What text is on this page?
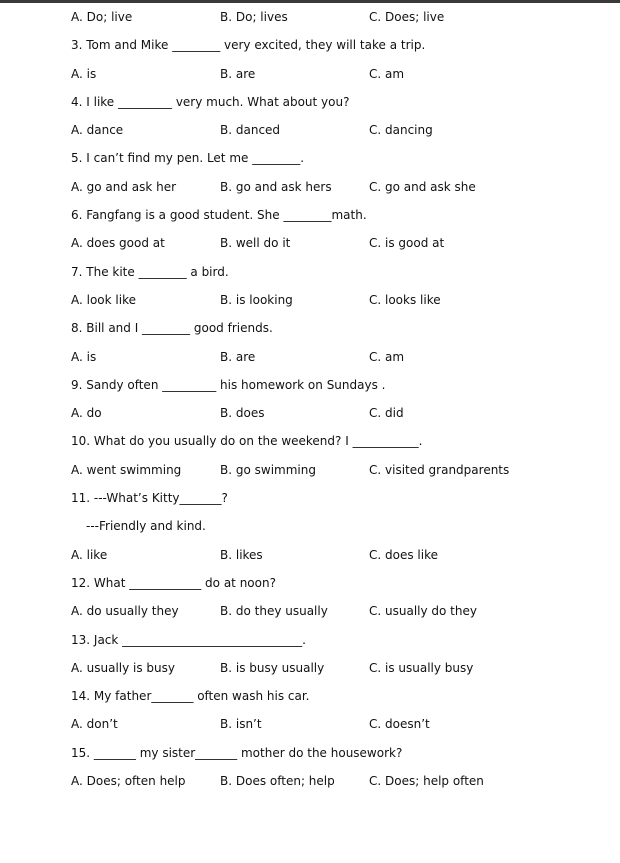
A. Do; live	B. Do; lives	C. Does; live
3. Tom and Mike ________ very excited, they will take a trip.
A. is	B. are	C. am
4. I like _________ very much. What about you?
A. dance	B. danced	C. dancing
5. I can’t find my pen. Let me ________.
A. go and ask her	B. go and ask hers	C. go and ask she
6. Fangfang is a good student. She ________math.
A. does good at	B. well do it	C. is good at
7. The kite ________ a bird.
A. look like	B. is looking	C. looks like
8. Bill and I ________ good friends.
A. is	B. are	C. am
9. Sandy often _________ his homework on Sundays .
A. do	B. does	C. did
10. What do you usually do on the weekend? I ___________.
A. went swimming	B. go swimming	C. visited grandparents
11. ---What’s Kitty_______?
---Friendly and kind.
A. like	B. likes	C. does like
12. What ____________ do at noon?
A. do usually they	B. do they usually	C. usually do they
13. Jack ______________________________.
A. usually is busy	B. is busy usually	C. is usually busy
14. My father_______ often wash his car.
A. don’t	B. isn’t	C. doesn’t
15. _______ my sister_______ mother do the housework?
A. Does; often help	B. Does often; help	C. Does; help often
